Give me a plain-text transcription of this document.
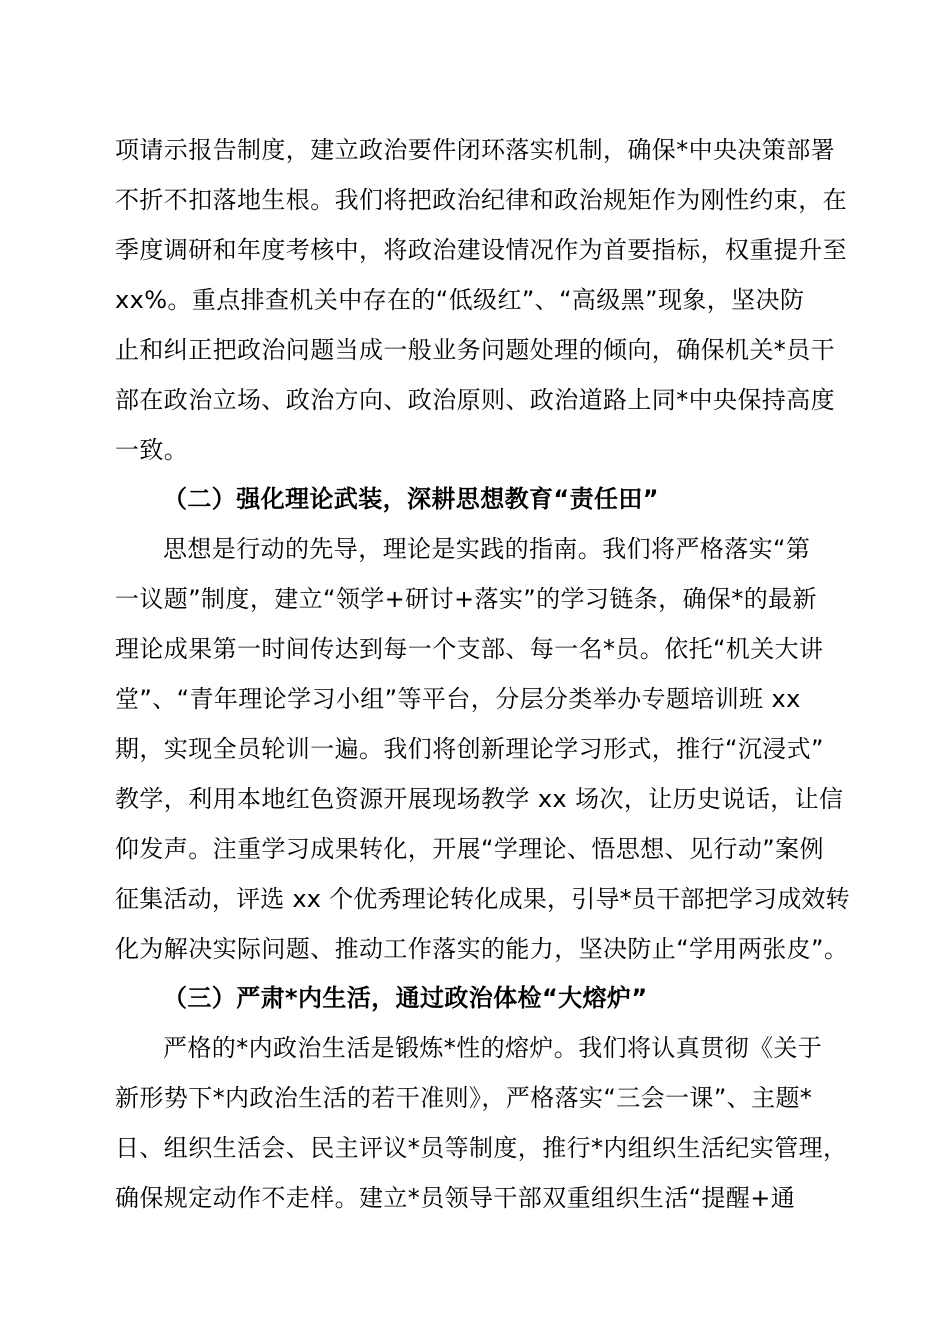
项请示报告制度，建立政治要件闭环落实机制，确保*中央决策部署
不折不扣落地生根。我们将把政治纪律和政治规矩作为刚性约束，在
季度调研和年度考核中，将政治建设情况作为首要指标，权重提升至
xx%。重点排查机关中存在的“低级红”、“高级黑”现象，坚决防
止和纠正把政治问题当成一般业务问题处理的倾向，确保机关*员干
部在政治立场、政治方向、政治原则、政治道路上同*中央保持高度
一致。
（二）强化理论武装，深耕思想教育“责任田”
思想是行动的先导，理论是实践的指南。我们将严格落实“第
一议题”制度，建立“领学+研讨+落实”的学习链条，确保*的最新
理论成果第一时间传达到每一个支部、每一名*员。依托“机关大讲
堂”、“青年理论学习小组”等平台，分层分类举办专题培训班 xx
期，实现全员轮训一遍。我们将创新理论学习形式，推行“沉浸式”
教学，利用本地红色资源开展现场教学 xx 场次，让历史说话，让信
仰发声。注重学习成果转化，开展“学理论、悟思想、见行动”案例
征集活动，评选 xx 个优秀理论转化成果，引导*员干部把学习成效转
化为解决实际问题、推动工作落实的能力，坚决防止“学用两张皮”。
（三）严肃*内生活，通过政治体检“大熔炉”
严格的*内政治生活是锻炼*性的熔炉。我们将认真贯彻《关于
新形势下*内政治生活的若干准则》，严格落实“三会一课”、主题*
日、组织生活会、民主评议*员等制度，推行*内组织生活纪实管理，
确保规定动作不走样。建立*员领导干部双重组织生活“提醒+通
